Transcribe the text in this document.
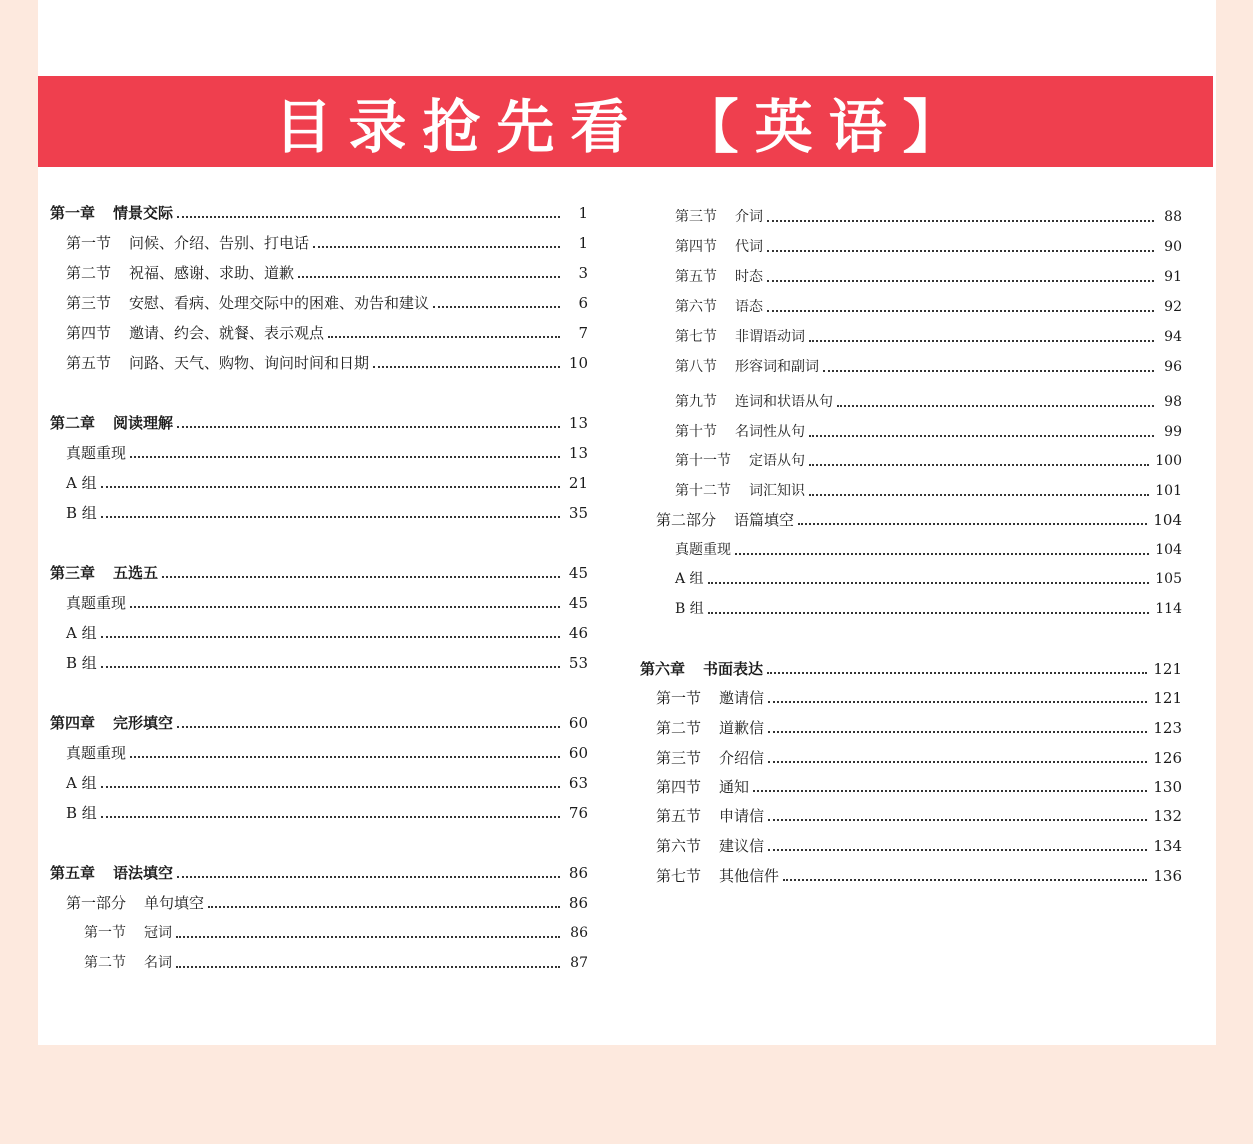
目录抢先看 【英语】
第一章 情景交际	1
第一节 问候、介绍、告别、打电话	1
第二节 祝福、感谢、求助、道歉	3
第三节 安慰、看病、处理交际中的困难、劝告和建议	6
第四节 邀请、约会、就餐、表示观点	7
第五节 问路、天气、购物、询问时间和日期	10
第二章 阅读理解	13
真题重现	13
A 组	21
B 组	35
第三章 五选五	45
真题重现	45
A 组	46
B 组	53
第四章 完形填空	60
真题重现	60
A 组	63
B 组	76
第五章 语法填空	86
第一部分 单句填空	86
第一节 冠词	86
第二节 名词	87
第三节 介词	88
第四节 代词	90
第五节 时态	91
第六节 语态	92
第七节 非谓语动词	94
第八节 形容词和副词	96
第九节 连词和状语从句	98
第十节 名词性从句	99
第十一节 定语从句	100
第十二节 词汇知识	101
第二部分 语篇填空	104
真题重现	104
A 组	105
B 组	114
第六章 书面表达	121
第一节 邀请信	121
第二节 道歉信	123
第三节 介绍信	126
第四节 通知	130
第五节 申请信	132
第六节 建议信	134
第七节 其他信件	136
